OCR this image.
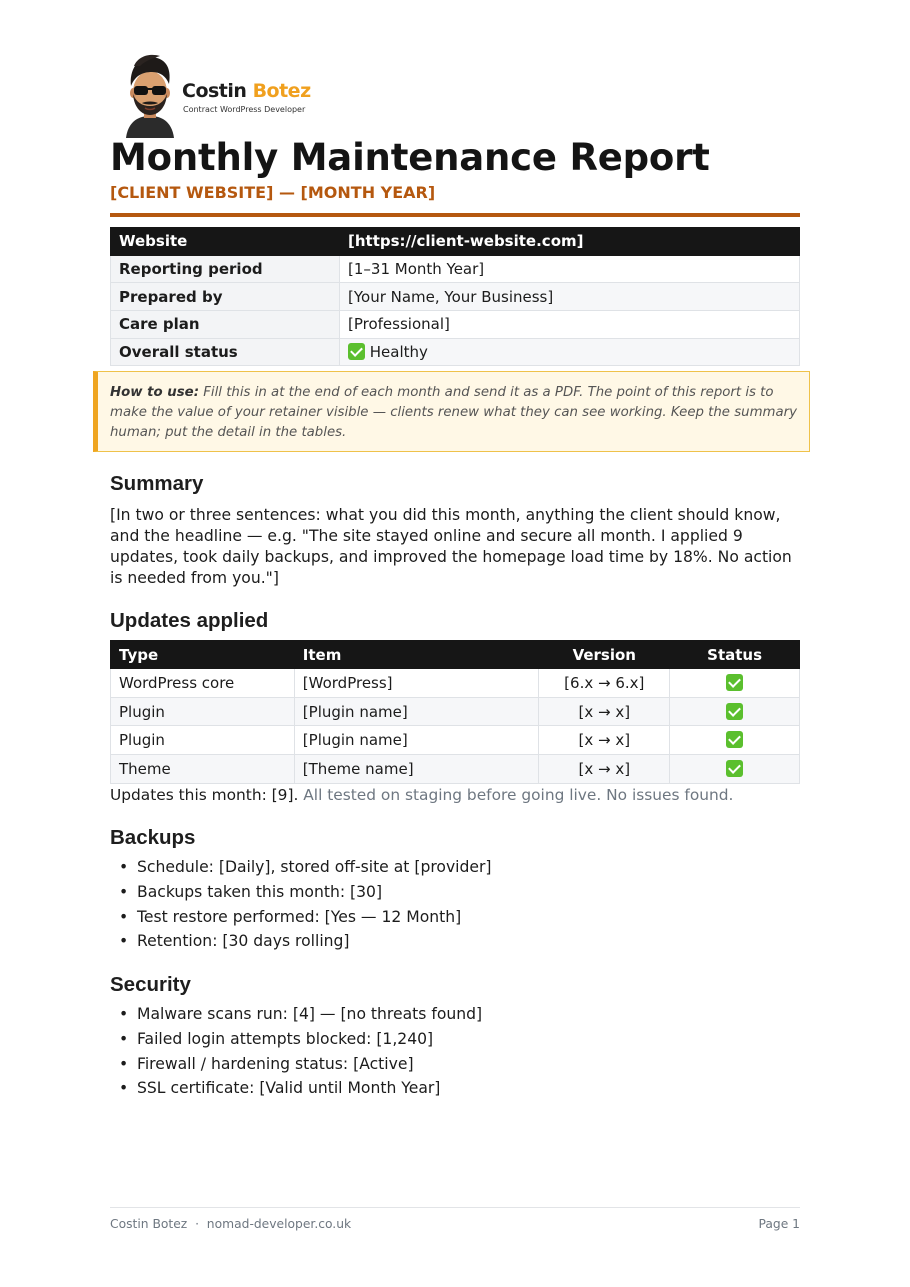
Costin Botez
Contract WordPress Developer
Monthly Maintenance Report
[CLIENT WEBSITE] — [MONTH YEAR]
Website	[https://client-website.com]
Reporting period	[1–31 Month Year]
Prepared by	[Your Name, Your Business]
Care plan	[Professional]
Overall status	Healthy
How to use: Fill this in at the end of each month and send it as a PDF. The point of this report is to make the value of your retainer visible — clients renew what they can see working. Keep the summary human; put the detail in the tables.
Summary
[In two or three sentences: what you did this month, anything the client should know, and the headline — e.g. "The site stayed online and secure all month. I applied 9 updates, took daily backups, and improved the homepage load time by 18%. No action is needed from you."]
Updates applied
Type	Item	Version	Status
WordPress core	[WordPress]	[6.x → 6.x]	
Plugin	[Plugin name]	[x → x]	
Plugin	[Plugin name]	[x → x]	
Theme	[Theme name]	[x → x]	
Updates this month: [9]. All tested on staging before going live. No issues found.
Backups
• Schedule: [Daily], stored off-site at [provider]
• Backups taken this month: [30]
• Test restore performed: [Yes — 12 Month]
• Retention: [30 days rolling]
Security
• Malware scans run: [4] — [no threats found]
• Failed login attempts blocked: [1,240]
• Firewall / hardening status: [Active]
• SSL certificate: [Valid until Month Year]
Costin Botez  ·  nomad-developer.co.uk	Page 1
